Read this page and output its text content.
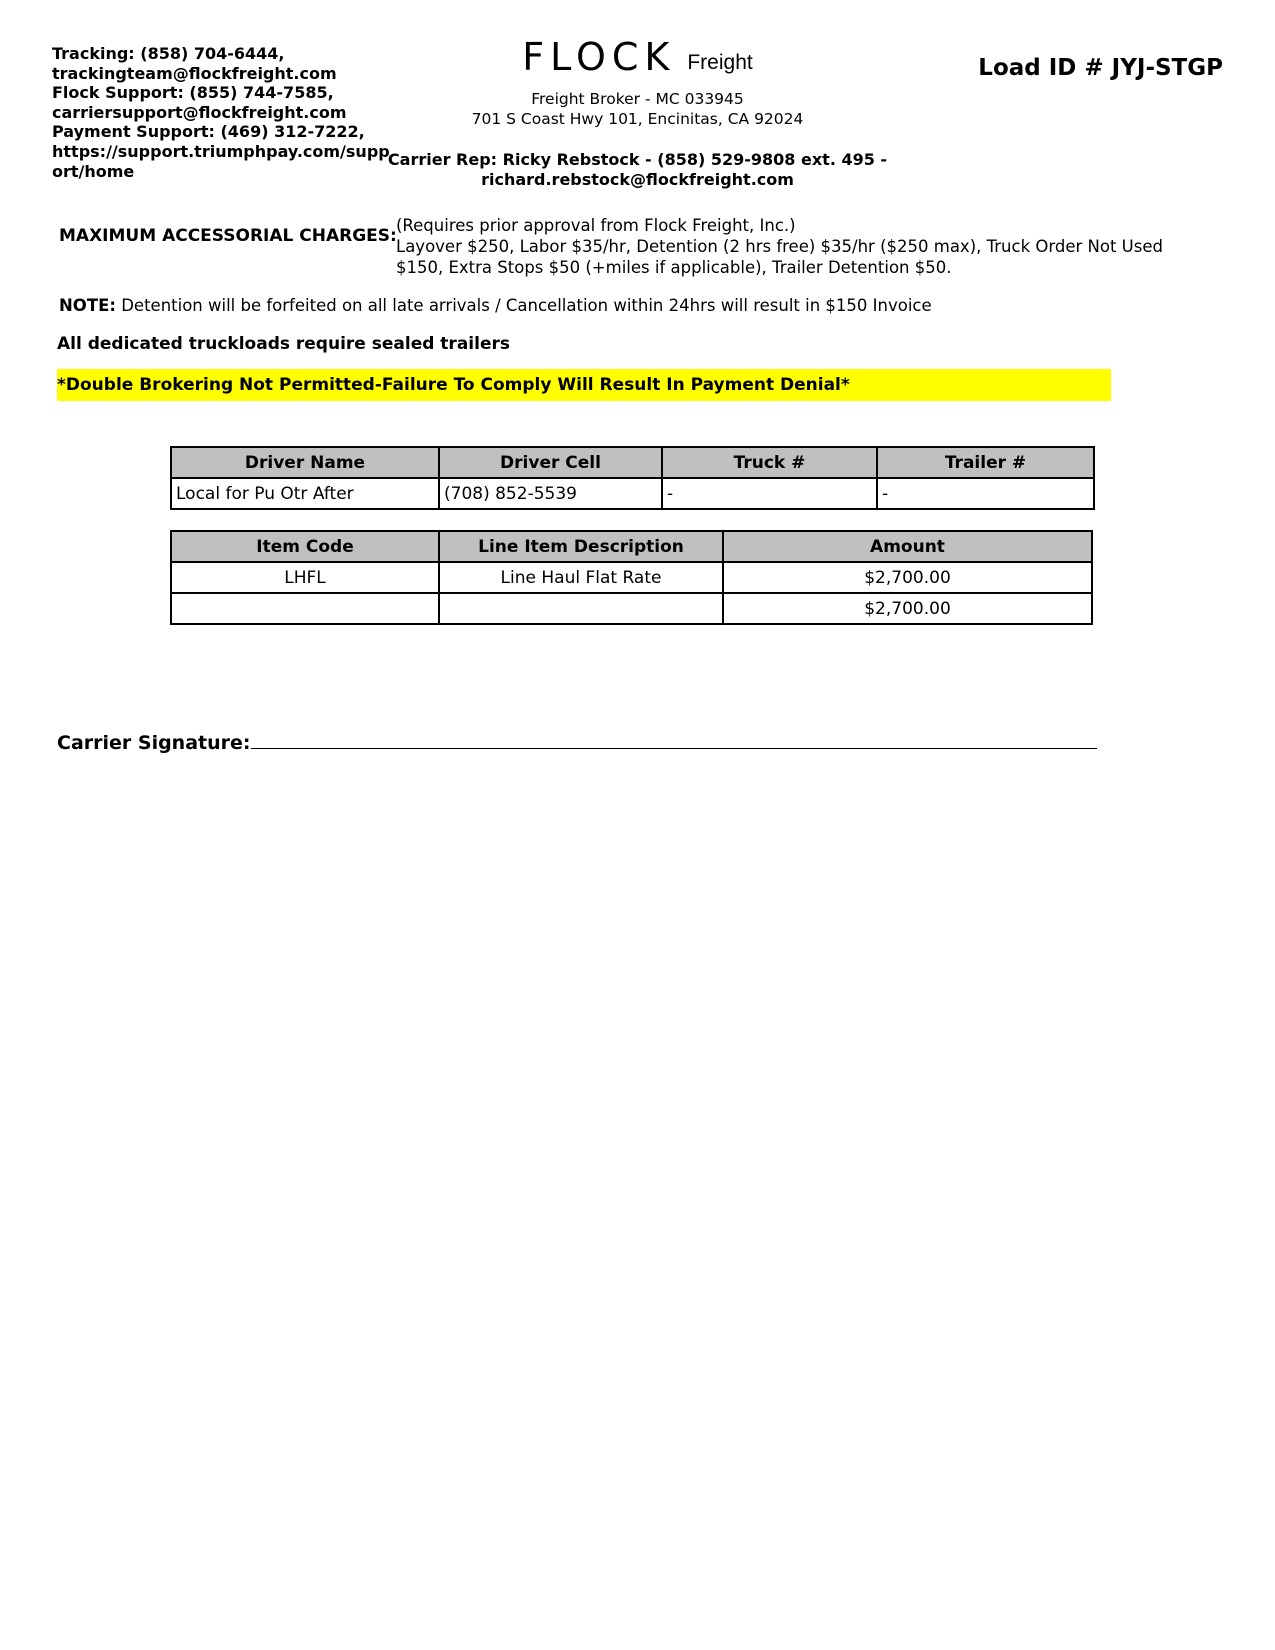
Tracking: (858) 704-6444,
trackingteam@flockfreight.com
Flock Support: (855) 744-7585,
carriersupport@flockfreight.com
Payment Support: (469) 312-7222,
https://support.triumphpay.com/support/home
FLOCK Freight
Freight Broker - MC 033945
701 S Coast Hwy 101, Encinitas, CA 92024
Carrier Rep: Ricky Rebstock - (858) 529-9808 ext. 495 -
richard.rebstock@flockfreight.com
Load ID # JYJ-STGP
MAXIMUM ACCESSORIAL CHARGES:
(Requires prior approval from Flock Freight, Inc.)
Layover $250, Labor $35/hr, Detention (2 hrs free) $35/hr ($250 max), Truck Order Not Used $150, Extra Stops $50 (+miles if applicable), Trailer Detention $50.
NOTE: Detention will be forfeited on all late arrivals / Cancellation within 24hrs will result in $150 Invoice
All dedicated truckloads require sealed trailers
*Double Brokering Not Permitted-Failure To Comply Will Result In Payment Denial*
Driver Name	Driver Cell	Truck #	Trailer #
Local for Pu Otr After	(708) 852-5539	-	-
Item Code	Line Item Description	Amount
LHFL	Line Haul Flat Rate	$2,700.00
		$2,700.00
Carrier Signature:
